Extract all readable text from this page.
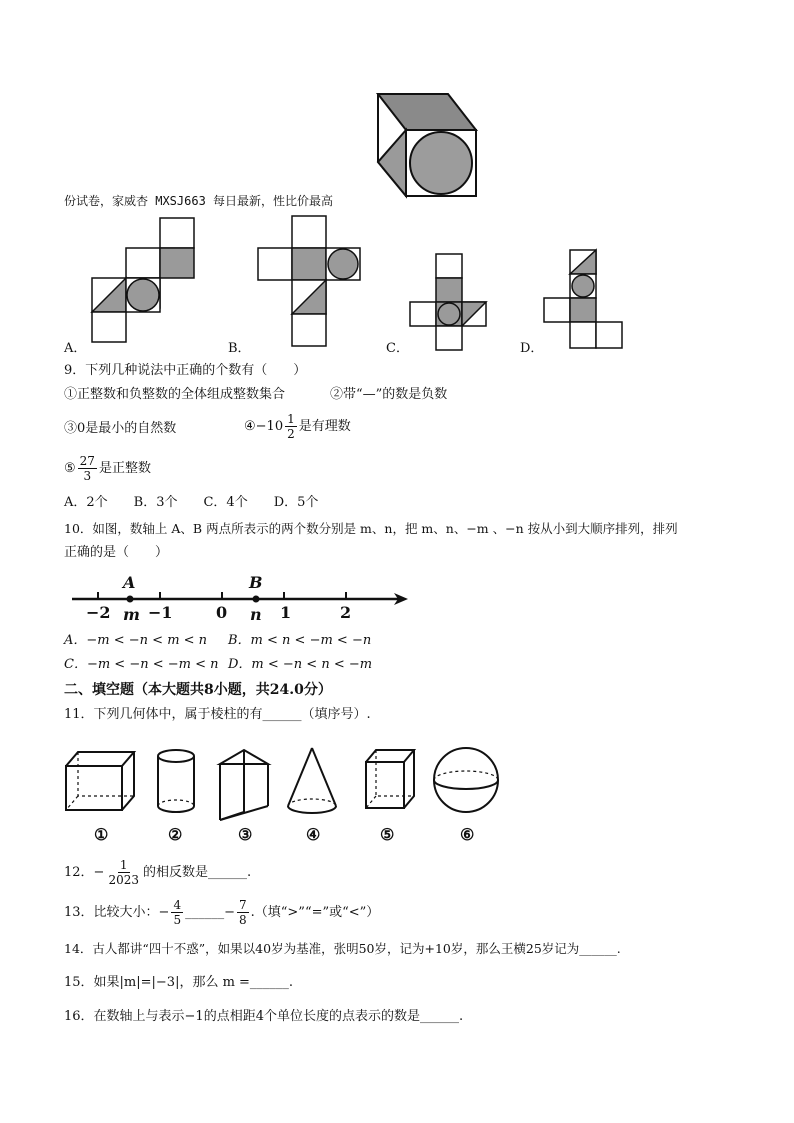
份试卷，家威杏 MXSJ663 每日最新，性比价最高
A．	B．	C．	D．
9．下列几种说法中正确的个数有（　　）
①正整数和负整数的全体组成整数集合	②带“—”的数是负数
③0是最小的自然数	④−10 $\frac{1}{2}$ 是有理数
⑤ $\frac{27}{3}$ 是正整数
A．2个　　B．3个　　C．4个　　D．5个
10．如图，数轴上 A、B 两点所表示的两个数分别是 m、n，把 m、n、−m 、−n 按从小到大顺序排列，排列
正确的是（　　）
A	B
−2 m −1	0 n 1	2
A．−m < −n < m < n B．m < n < −m < −n
C．−m < −n < −m < n D．m < −n < n < −m
二、填空题（本大题共8小题，共24.0分）
11．下列几何体中，属于棱柱的有______（填序号）.
①	②	③	④	⑤	⑥
12．− $\frac{1}{2023}$ 的相反数是______.
13．比较大小：− $\frac{4}{5}$ ______− $\frac{7}{8}$ .（填“>”“=”或“<”）
14．古人都讲“四十不惑”，如果以40岁为基准，张明50岁，记为+10岁，那么王横25岁记为______.
15．如果|m|=|−3|，那么 m =______.
16．在数轴上与表示−1的点相距4个单位长度的点表示的数是______.
